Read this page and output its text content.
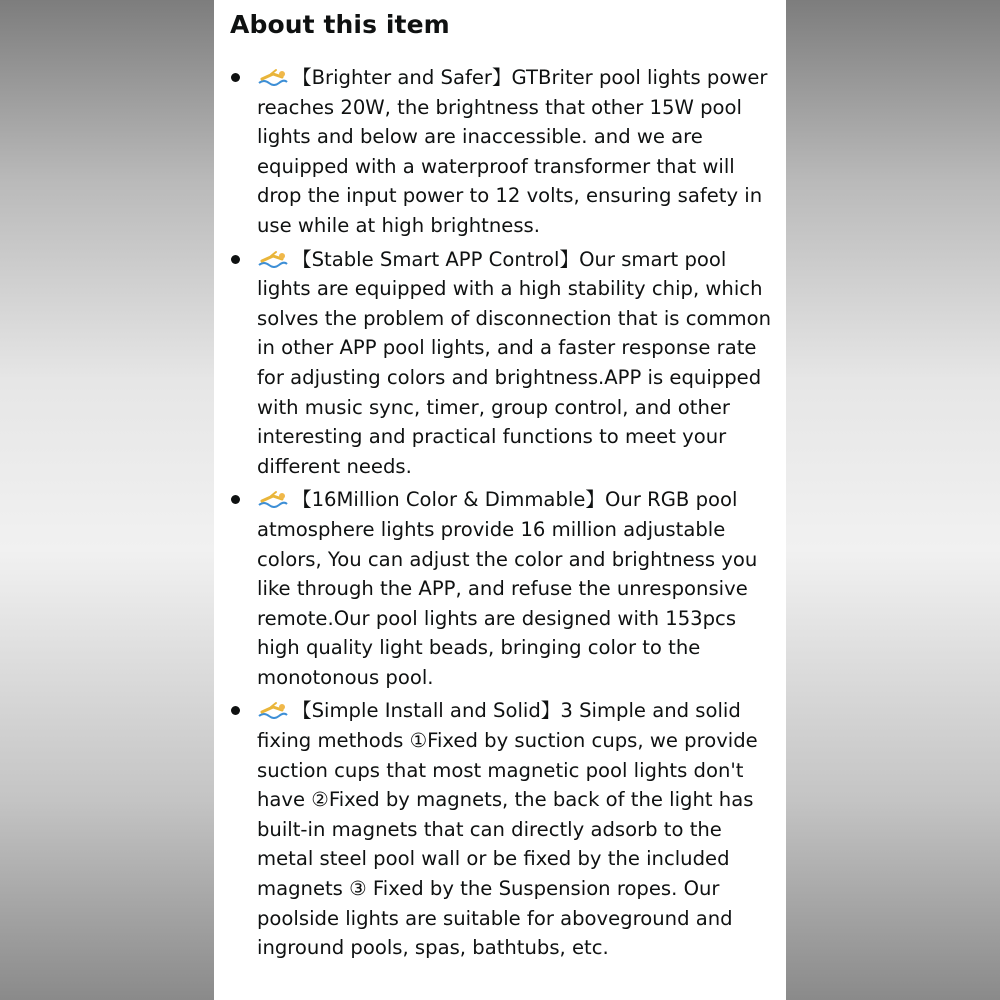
About this item
【Brighter and Safer】GTBriter pool lights power reaches 20W, the brightness that other 15W pool lights and below are inaccessible. and we are equipped with a waterproof transformer that will drop the input power to 12 volts, ensuring safety in use while at high brightness.
【Stable Smart APP Control】Our smart pool lights are equipped with a high stability chip, which solves the problem of disconnection that is common in other APP pool lights, and a faster response rate for adjusting colors and brightness.APP is equipped with music sync, timer, group control, and other interesting and practical functions to meet your different needs.
【16Million Color & Dimmable】Our RGB pool atmosphere lights provide 16 million adjustable colors, You can adjust the color and brightness you like through the APP, and refuse the unresponsive remote.Our pool lights are designed with 153pcs high quality light beads, bringing color to the monotonous pool.
【Simple Install and Solid】3 Simple and solid fixing methods ①Fixed by suction cups, we provide suction cups that most magnetic pool lights don't have ②Fixed by magnets, the back of the light has built-in magnets that can directly adsorb to the metal steel pool wall or be fixed by the included magnets ③ Fixed by the Suspension ropes. Our poolside lights are suitable for aboveground and inground pools, spas, bathtubs, etc.
